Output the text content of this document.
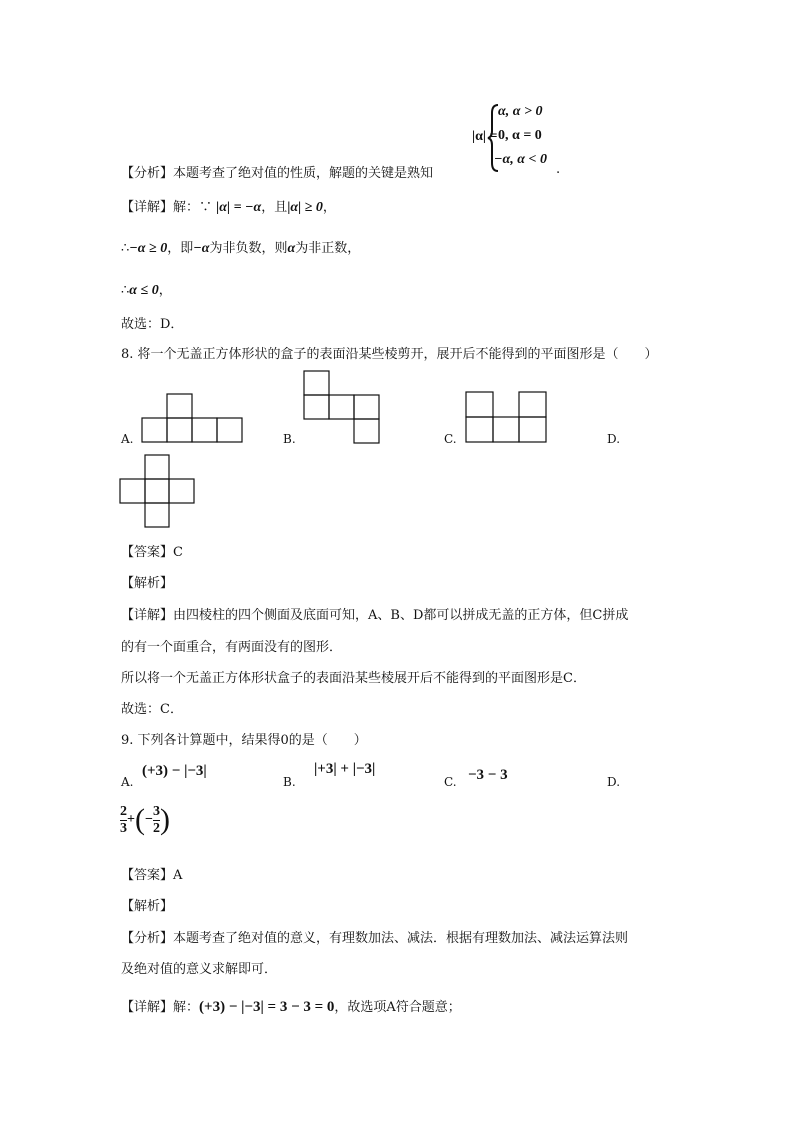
|α| =
α, α > 0
0, α = 0
−α, α < 0
【分析】本题考查了绝对值的性质，解题的关键是熟知	.
【详解】解：∵ |α| = −α，且|α| ≥ 0，
∴−α ≥ 0，即−α为非负数，则α为非正数，
∴α ≤ 0，
故选：D．
8. 将一个无盖正方体形状的盒子的表面沿某些棱剪开，展开后不能得到的平面图形是（　　）
A.	B.	C.	D.
【答案】C
【解析】
【详解】由四棱柱的四个侧面及底面可知，A、B、D都可以拼成无盖的正方体，但C拼成
的有一个面重合，有两面没有的图形．
所以将一个无盖正方体形状盒子的表面沿某些棱展开后不能得到的平面图形是C．
故选：C．
9. 下列各计算题中，结果得0的是（　　）
A.
(+3) − |−3|
B.
|+3| + |−3|
C. −3 − 3	D.
$\frac{2}{3}$ +(− $\frac{3}{2}$ )
【答案】A
【解析】
【分析】本题考查了绝对值的意义，有理数加法、减法．根据有理数加法、减法运算法则
及绝对值的意义求解即可．
【详解】解：(+3) − |−3| = 3 − 3 = 0，故选项A符合题意；
